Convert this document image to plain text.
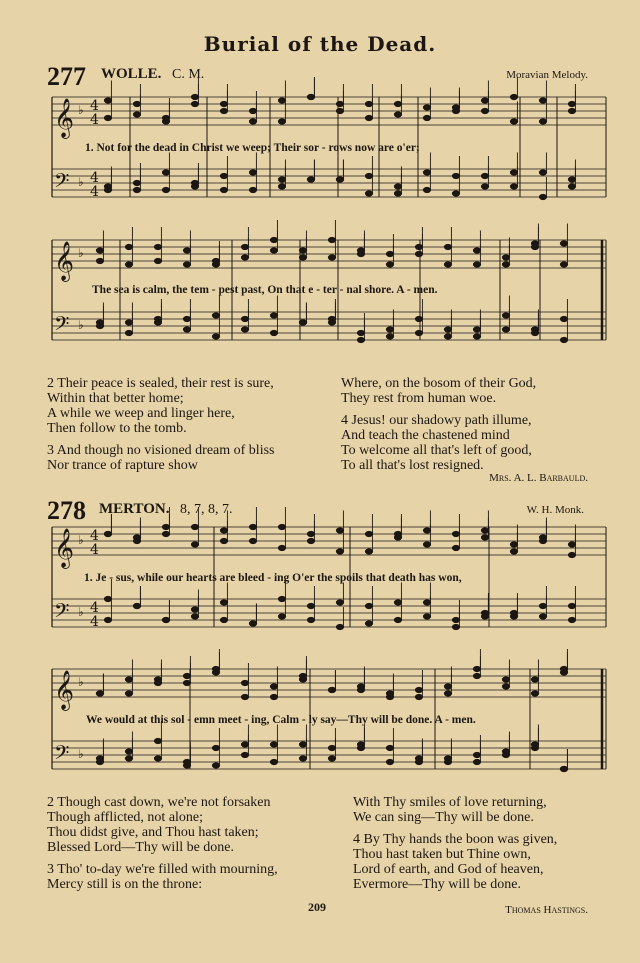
Burial of the Dead.
277 WOLLE. C. M.	Moravian Melody.
𝄞 ♭ 4
4
𝄢 ♭ 4
4
𝄞 ♭
𝄢 ♭
𝄞 ♭ 4
4
𝄢 ♭ 4
4
𝄞 ♭
𝄢 ♭
1. Not for the dead in Christ we weep; Their sor - rows now are o'er;
The sea is calm, the tem - pest past, On that e - ter - nal shore. A - men.
2 Their peace is sealed, their rest is sure,
Within that better home;
A while we weep and linger here,
Then follow to the tomb.
3 And though no visioned dream of bliss
Nor trance of rapture show
Where, on the bosom of their God,
They rest from human woe.
4 Jesus! our shadowy path illume,
And teach the chastened mind
To welcome all that's left of good,
To all that's lost resigned.
Mrs. A. L. Barbauld.
278 MERTON. 8, 7, 8, 7.	W. H. Monk.
1. Je - sus, while our hearts are bleed - ing O'er the spoils that death has won,
We would at this sol - emn meet - ing, Calm - ly say—Thy will be done. A - men.
2 Though cast down, we're not forsaken
Though afflicted, not alone;
Thou didst give, and Thou hast taken;
Blessed Lord—Thy will be done.
3 Tho' to-day we're filled with mourning,
Mercy still is on the throne:
With Thy smiles of love returning,
We can sing—Thy will be done.
4 By Thy hands the boon was given,
Thou hast taken but Thine own,
Lord of earth, and God of heaven,
Evermore—Thy will be done.
209	Thomas Hastings.
